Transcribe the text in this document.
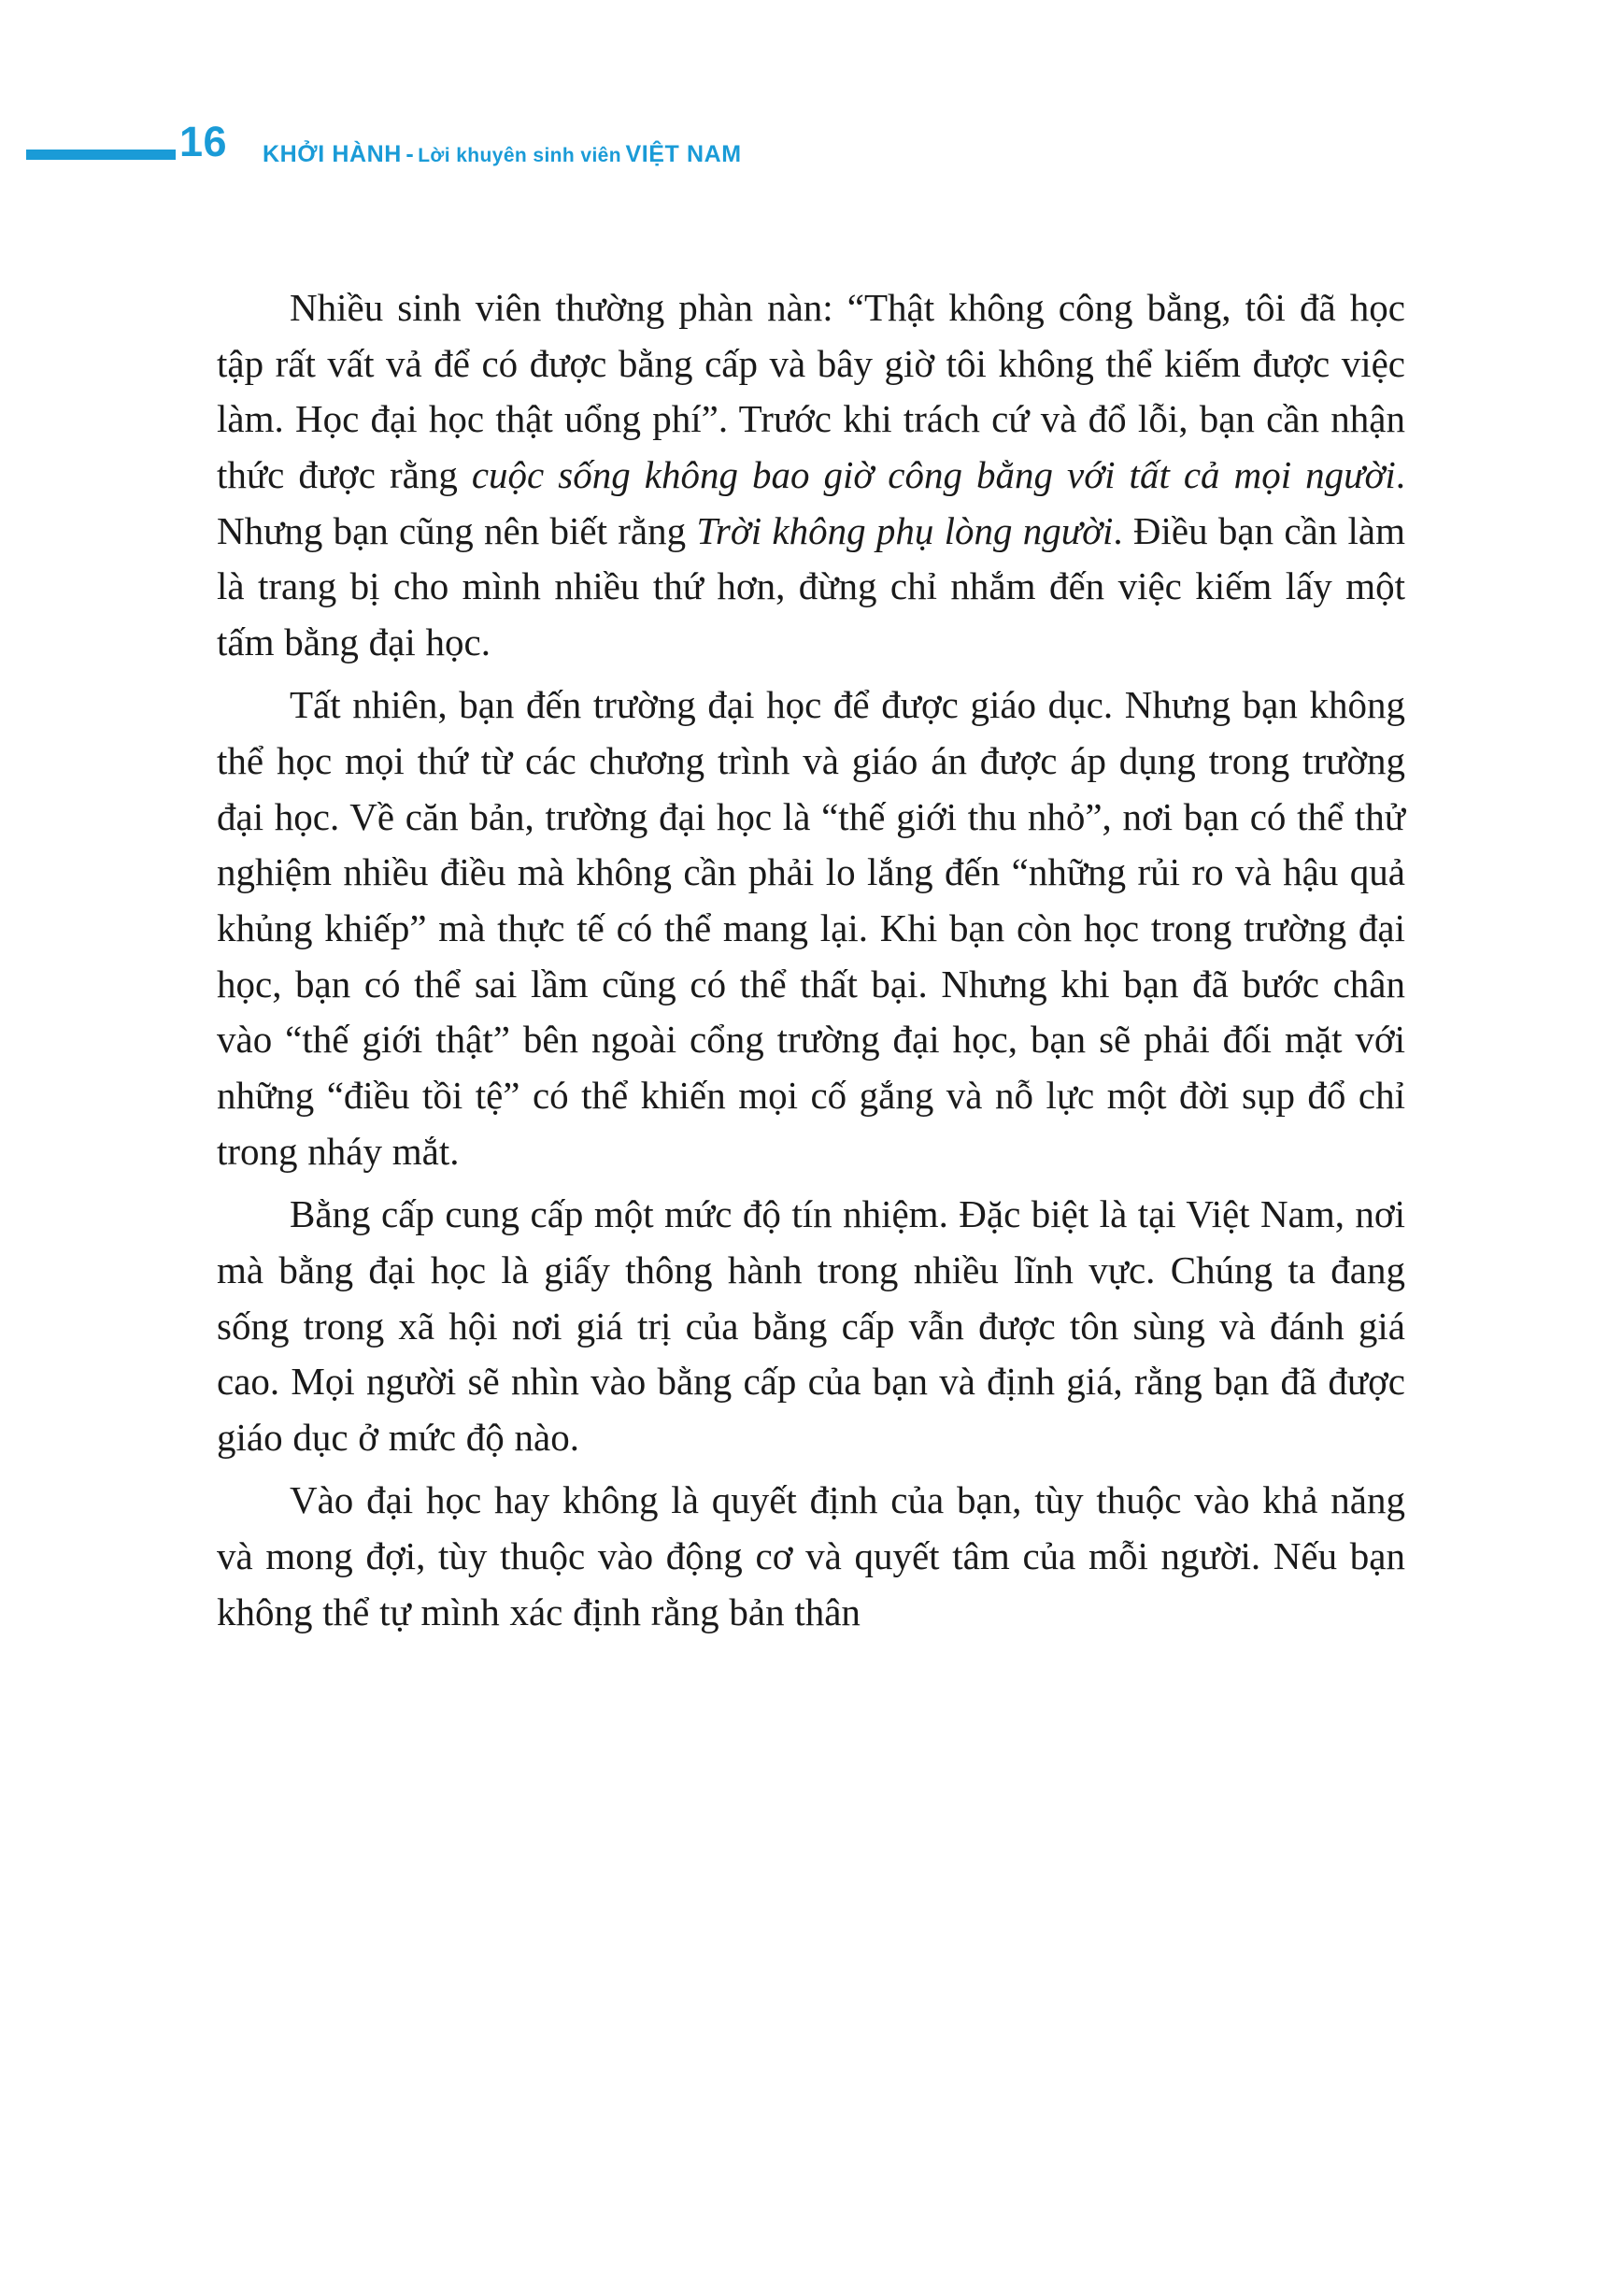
16 KHỞI HÀNH - Lời khuyên sinh viên VIỆT NAM

Nhiều sinh viên thường phàn nàn: “Thật không công bằng, tôi đã học tập rất vất vả để có được bằng cấp và bây giờ tôi không thể kiếm được việc làm. Học đại học thật uổng phí”. Trước khi trách cứ và đổ lỗi, bạn cần nhận thức được rằng cuộc sống không bao giờ công bằng với tất cả mọi người. Nhưng bạn cũng nên biết rằng Trời không phụ lòng người. Điều bạn cần làm là trang bị cho mình nhiều thứ hơn, đừng chỉ nhắm đến việc kiếm lấy một tấm bằng đại học.

Tất nhiên, bạn đến trường đại học để được giáo dục. Nhưng bạn không thể học mọi thứ từ các chương trình và giáo án được áp dụng trong trường đại học. Về căn bản, trường đại học là “thế giới thu nhỏ”, nơi bạn có thể thử nghiệm nhiều điều mà không cần phải lo lắng đến “những rủi ro và hậu quả khủng khiếp” mà thực tế có thể mang lại. Khi bạn còn học trong trường đại học, bạn có thể sai lầm cũng có thể thất bại. Nhưng khi bạn đã bước chân vào “thế giới thật” bên ngoài cổng trường đại học, bạn sẽ phải đối mặt với những “điều tồi tệ” có thể khiến mọi cố gắng và nỗ lực một đời sụp đổ chỉ trong nháy mắt.

Bằng cấp cung cấp một mức độ tín nhiệm. Đặc biệt là tại Việt Nam, nơi mà bằng đại học là giấy thông hành trong nhiều lĩnh vực. Chúng ta đang sống trong xã hội nơi giá trị của bằng cấp vẫn được tôn sùng và đánh giá cao. Mọi người sẽ nhìn vào bằng cấp của bạn và định giá, rằng bạn đã được giáo dục ở mức độ nào.

Vào đại học hay không là quyết định của bạn, tùy thuộc vào khả năng và mong đợi, tùy thuộc vào động cơ và quyết tâm của mỗi người. Nếu bạn không thể tự mình xác định rằng bản thân
